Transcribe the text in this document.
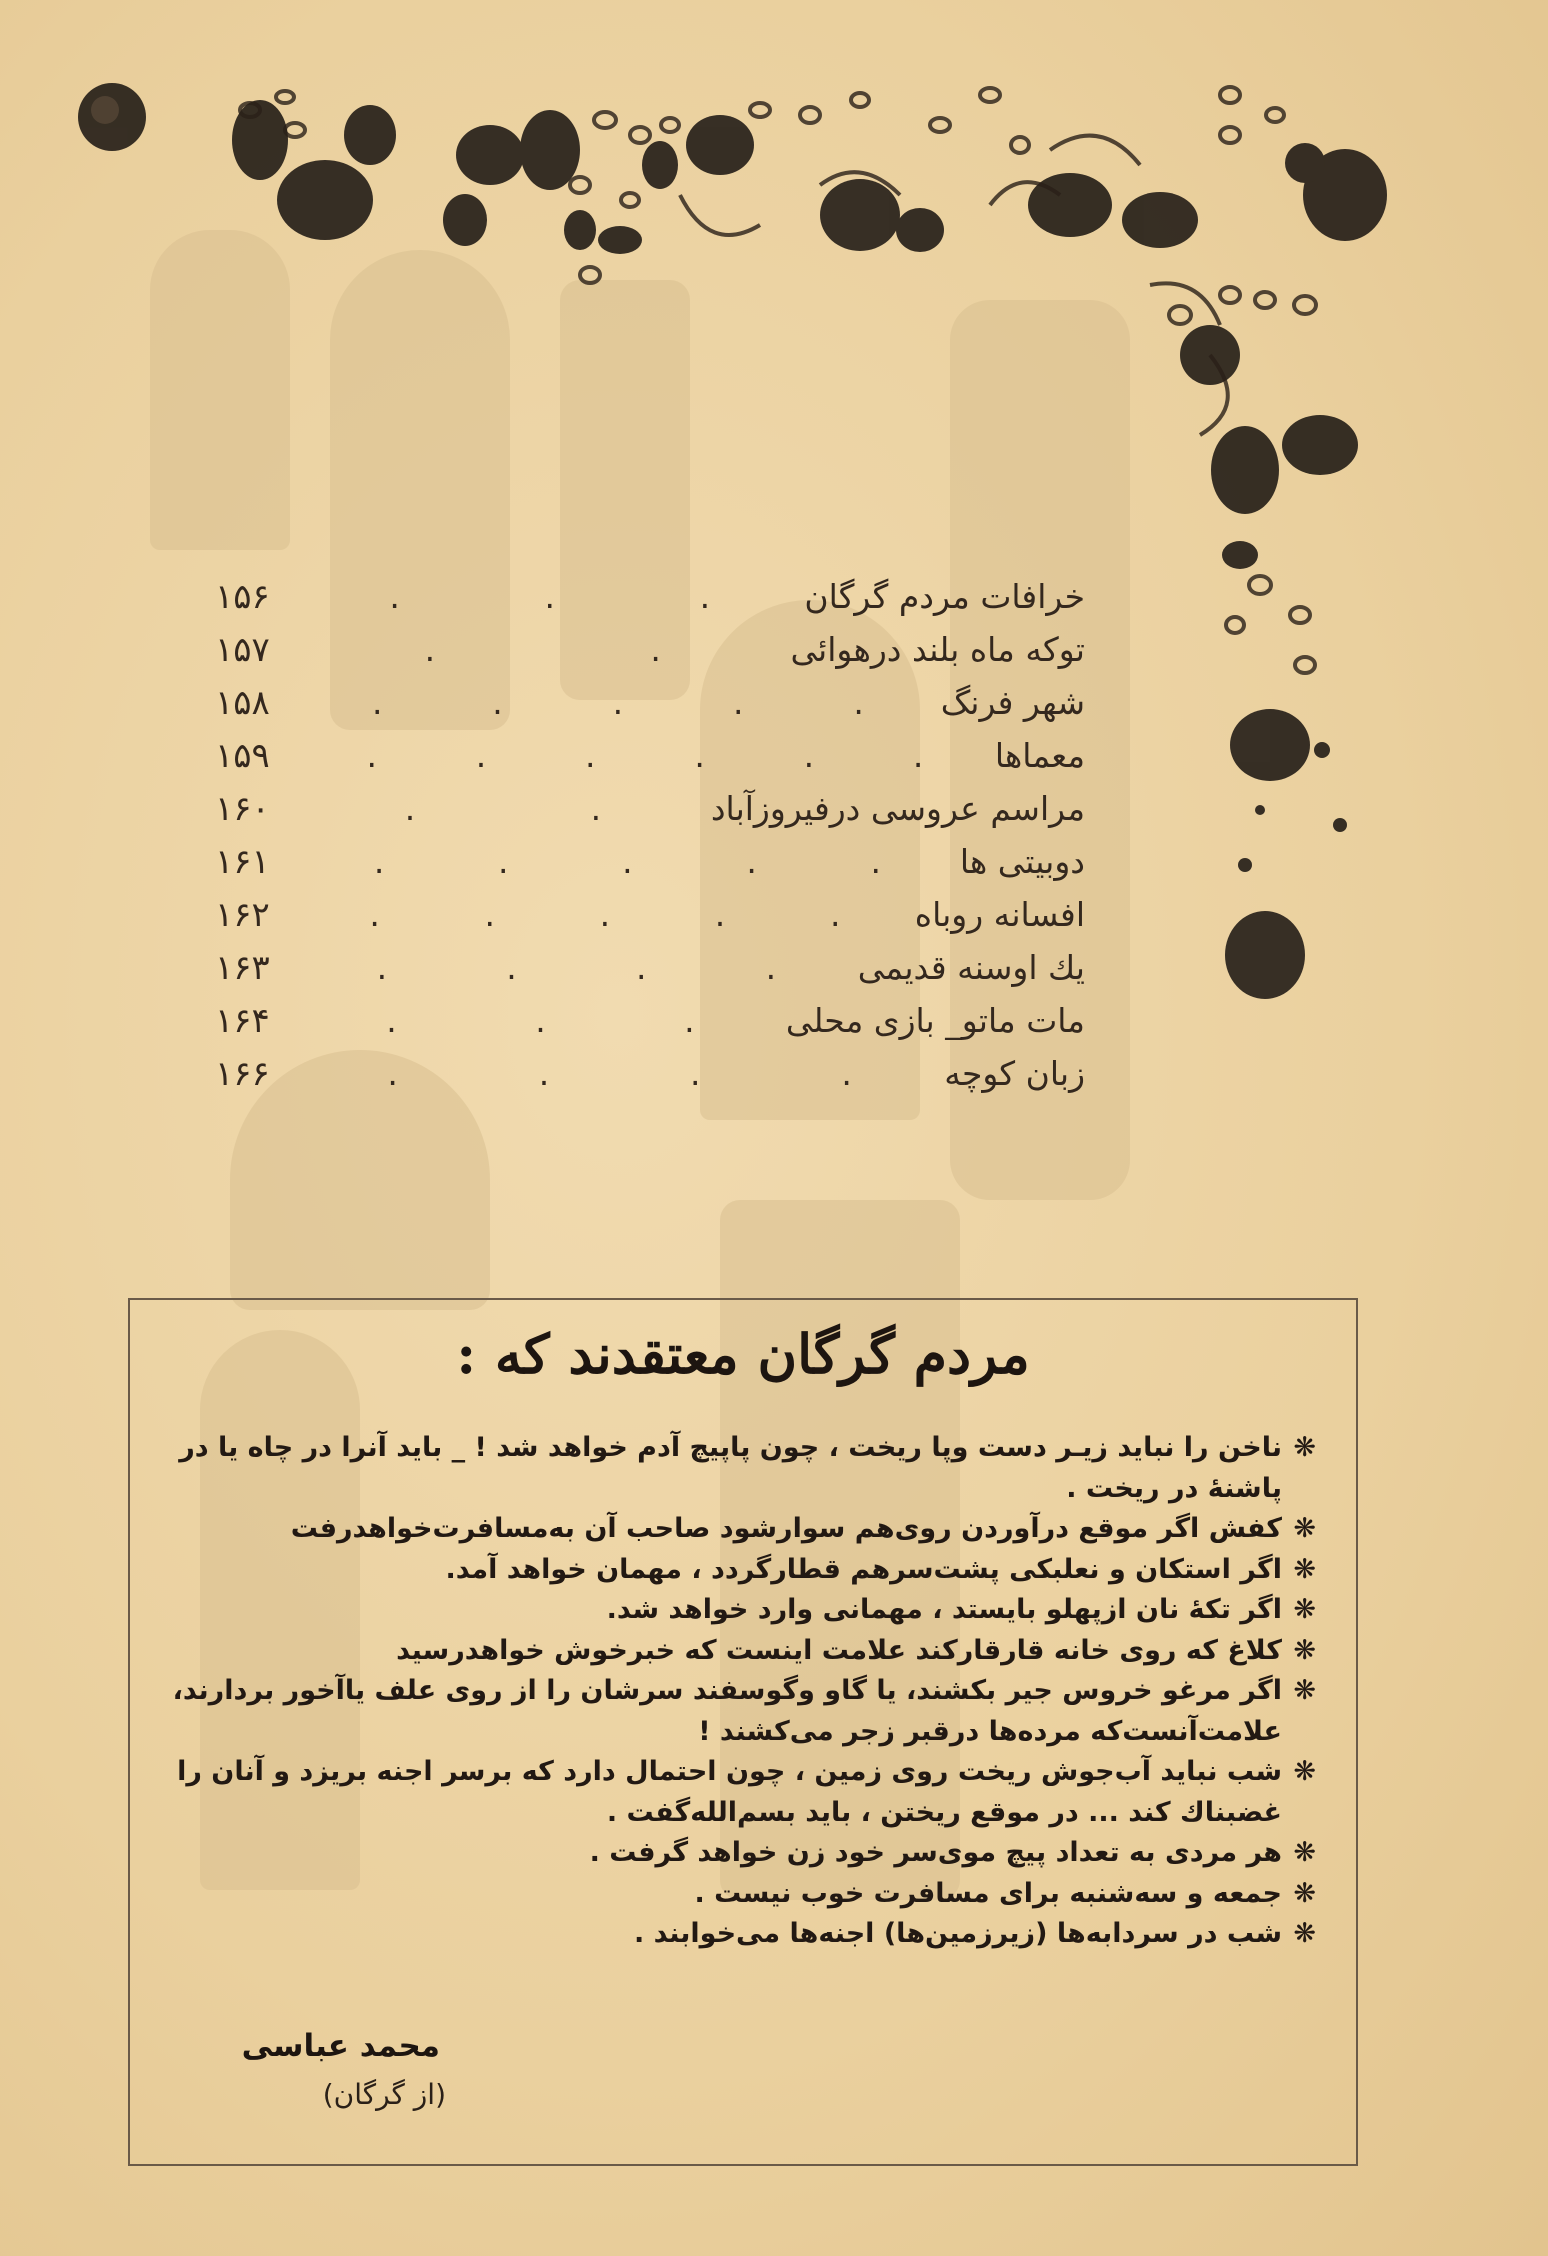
خرافات مردم گرگان
.
.
.
۱۵۶
توکه ماه بلند درهوائی
.
.
۱۵۷
شهر فرنگ
.
.
.
.
.
۱۵۸
معماها
.
.
.
.
.
.
۱۵۹
مراسم عروسی درفیروزآباد
.
.
۱۶۰
دوبیتی ها
.
.
.
.
.
۱۶۱
افسانه روباه
.
.
.
.
.
۱۶۲
یك اوسنه قدیمی
.
.
.
.
۱۶۳
مات ماتو_ بازی محلی
.
.
.
۱۶۴
زبان کوچه
.
.
.
.
۱۶۶
مردم گرگان معتقدند که :
❋
ناخن را نباید زیـر دست وپا ریخت ، چون پاپیچ آدم خواهد شد ! _ باید آنرا در چاه یا در پاشنهٔ در ریخت .
❋
کفش اگر موقع درآوردن روی‌هم سوارشود صاحب آن به‌مسافرت‌خواهدرفت
❋
اگر استکان و نعلبکی پشت‌سرهم قطارگردد ، مهمان خواهد آمد.
❋
اگر تکهٔ نان ازپهلو بایستد ، مهمانی وارد خواهد شد.
❋
کلاغ که روی خانه قارقارکند علامت اینست که خبرخوش خواهدرسید
❋
اگر مرغو خروس جیر بکشند، یا گاو وگوسفند سرشان را از روی علف یاآخور بردارند، علامت‌آنست‌که مرده‌ها درقبر زجر می‌کشند !
❋
شب نباید آب‌جوش ریخت روی زمین ، چون احتمال دارد که برسر اجنه بریزد و آنان را غضبناك کند ... در موقع ریختن ، باید بسم‌الله‌گفت .
❋
هر مردی به تعداد پیچ موی‌سر خود زن خواهد گرفت .
❋
جمعه و سه‌شنبه برای مسافرت خوب نیست .
❋
شب در سردابه‌ها (زیرزمین‌ها) اجنه‌ها می‌خوابند .
محمد عباسی
(از گرگان)
